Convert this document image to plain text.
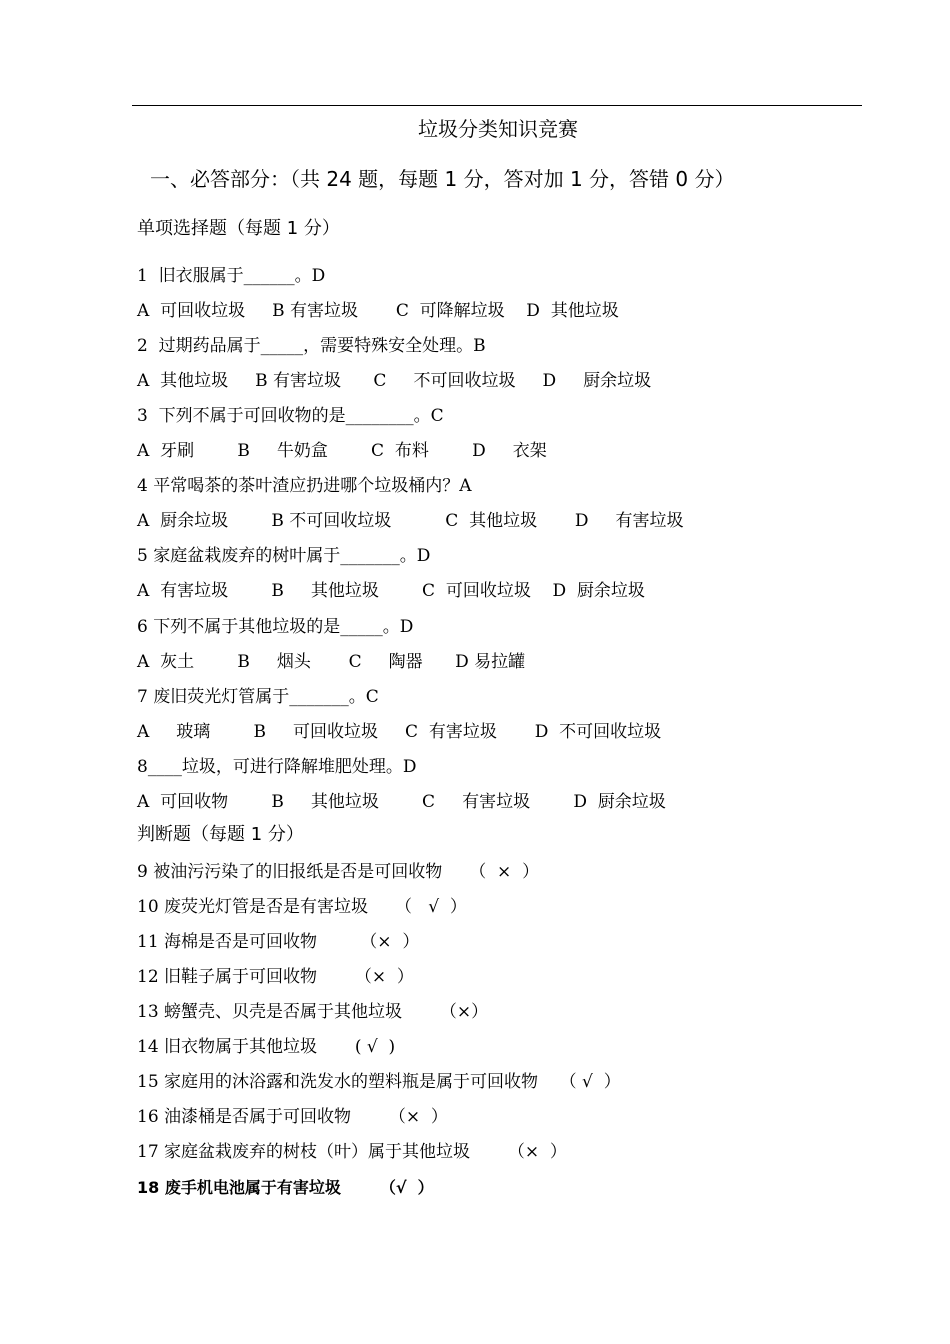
垃圾分类知识竞赛
一、必答部分：（共 24 题，每题 1 分，答对加 1 分，答错 0 分）
单项选择题（每题 1 分）
1  旧衣服属于______。D
A  可回收垃圾     B 有害垃圾       C  可降解垃圾    D  其他垃圾
2  过期药品属于_____，需要特殊安全处理。B
A  其他垃圾     B 有害垃圾      C     不可回收垃圾     D     厨余垃圾
3  下列不属于可回收物的是________。C
A  牙刷        B     牛奶盒        C  布料        D     衣架
4 平常喝茶的茶叶渣应扔进哪个垃圾桶内？A
A  厨余垃圾        B 不可回收垃圾          C  其他垃圾       D     有害垃圾
5 家庭盆栽废弃的树叶属于_______。D
A  有害垃圾        B     其他垃圾        C  可回收垃圾    D  厨余垃圾
6 下列不属于其他垃圾的是_____。D
A  灰土        B     烟头       C     陶器      D 易拉罐
7 废旧荧光灯管属于_______。C
A     玻璃        B     可回收垃圾     C  有害垃圾       D  不可回收垃圾
8____垃圾，可进行降解堆肥处理。D
A  可回收物        B     其他垃圾        C     有害垃圾        D  厨余垃圾
判断题（每题 1 分）
9 被油污污染了的旧报纸是否是可回收物     （  ×  ）
10 废荧光灯管是否是有害垃圾     （   √  ）
11 海棉是否是可回收物        （×  ）
12 旧鞋子属于可回收物       （×  ）
13 螃蟹壳、贝壳是否属于其他垃圾       （×）
14 旧衣物属于其他垃圾       ( √  )
15 家庭用的沐浴露和洗发水的塑料瓶是属于可回收物    （ √  ）
16 油漆桶是否属于可回收物       （×  ）
17 家庭盆栽废弃的树枝（叶）属于其他垃圾       （×  ）
18 废手机电池属于有害垃圾       （√  ）
